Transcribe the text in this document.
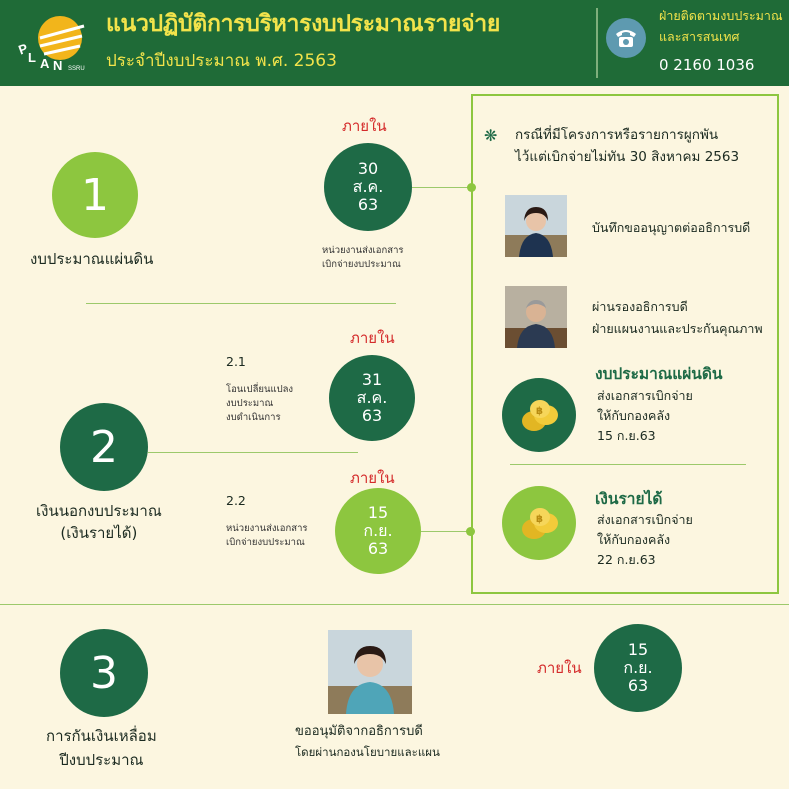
P
L A N SSRU
แนวปฏิบัติการบริหารงบประมาณรายจ่าย
ประจำปีงบประมาณ พ.ศ. 2563
ฝ่ายติดตามงบประมาณ
และสารสนเทศ
0 2160 1036
1
งบประมาณแผ่นดิน
ภายใน
30
ส.ค.
63
หน่วยงานส่งเอกสาร
เบิกจ่ายงบประมาณ
2.1
โอนเปลี่ยนแปลง
งบประมาณ
งบดำเนินการ
ภายใน
31
ส.ค.
63
2
เงินนอกงบประมาณ
(เงินรายได้)
2.2
หน่วยงานส่งเอกสาร
เบิกจ่ายงบประมาณ
ภายใน
15
ก.ย.
63
❋ กรณีที่มีโครงการหรือรายการผูกพัน
ไว้แต่เบิกจ่ายไม่ทัน 30 สิงหาคม 2563
บันทึกขออนุญาตต่ออธิการบดี
ผ่านรองอธิการบดี
ฝ่ายแผนงานและประกันคุณภาพ
฿
งบประมาณแผ่นดิน
ส่งเอกสารเบิกจ่าย
ให้กับกองคลัง
15 ก.ย.63
฿
เงินรายได้
ส่งเอกสารเบิกจ่าย
ให้กับกองคลัง
22 ก.ย.63
3
การกันเงินเหลื่อม
ปีงบประมาณ
ขออนุมัติจากอธิการบดี
โดยผ่านกองนโยบายและแผน
ภายใน
15
ก.ย.
63
